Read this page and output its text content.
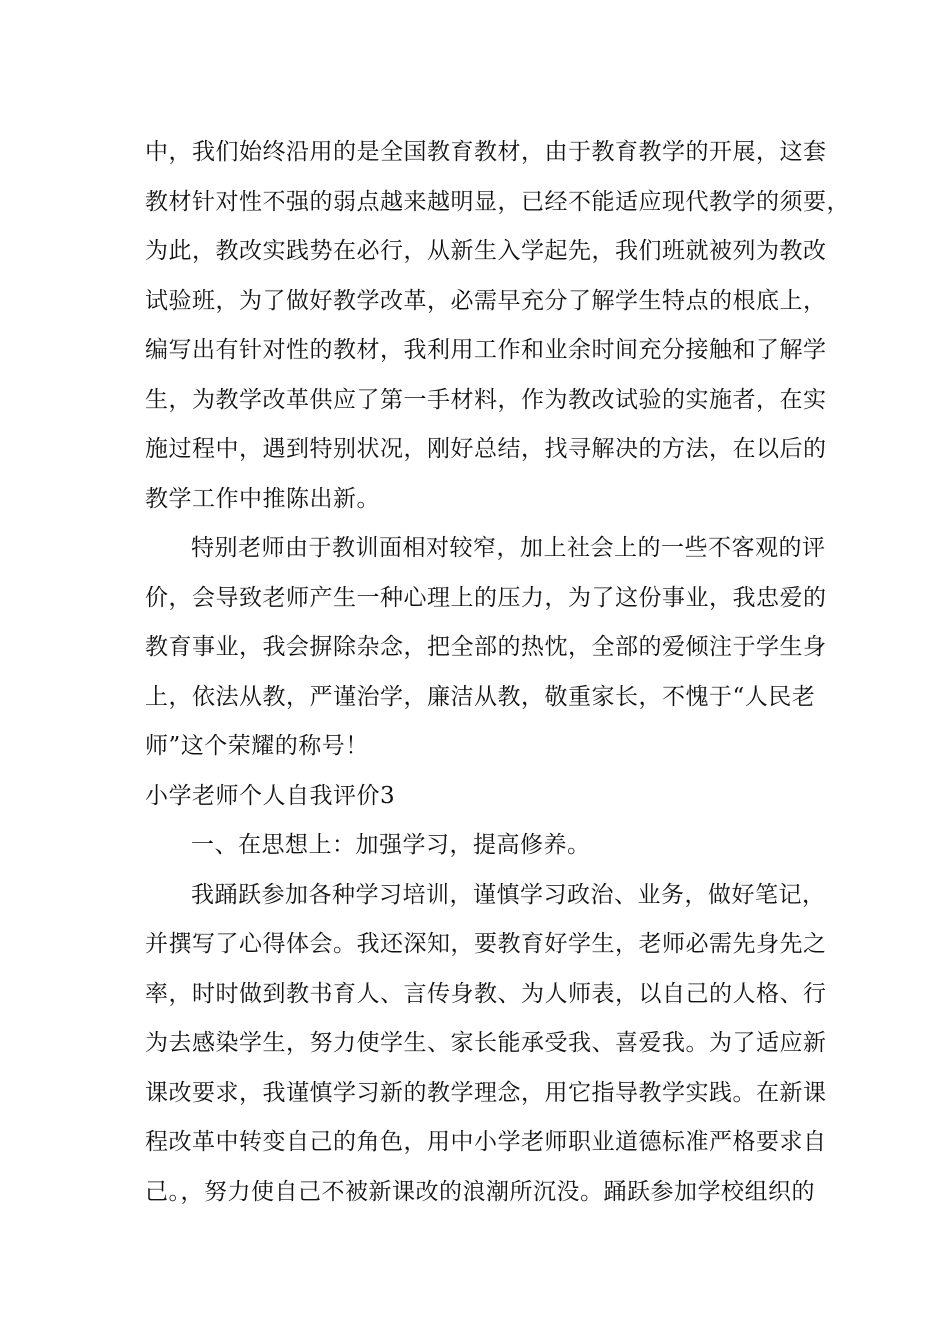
中，我们始终沿用的是全国教育教材，由于教育教学的开展，这套
教材针对性不强的弱点越来越明显，已经不能适应现代教学的须要，
为此，教改实践势在必行，从新生入学起先，我们班就被列为教改
试验班，为了做好教学改革，必需早充分了解学生特点的根底上，
编写出有针对性的教材，我利用工作和业余时间充分接触和了解学
生，为教学改革供应了第一手材料，作为教改试验的实施者，在实
施过程中，遇到特别状况，刚好总结，找寻解决的方法，在以后的
教学工作中推陈出新。
特别老师由于教训面相对较窄，加上社会上的一些不客观的评
价，会导致老师产生一种心理上的压力，为了这份事业，我忠爱的
教育事业，我会摒除杂念，把全部的热忱，全部的爱倾注于学生身
上，依法从教，严谨治学，廉洁从教，敬重家长，不愧于“人民老
师”这个荣耀的称号！
小学老师个人自我评价3
一、在思想上：加强学习，提高修养。
我踊跃参加各种学习培训，谨慎学习政治、业务，做好笔记，
并撰写了心得体会。我还深知，要教育好学生，老师必需先身先之
率，时时做到教书育人、言传身教、为人师表，以自己的人格、行
为去感染学生，努力使学生、家长能承受我、喜爱我。为了适应新
课改要求，我谨慎学习新的教学理念，用它指导教学实践。在新课
程改革中转变自己的角色，用中小学老师职业道德标准严格要求自
己。，努力使自己不被新课改的浪潮所沉没。踊跃参加学校组织的
